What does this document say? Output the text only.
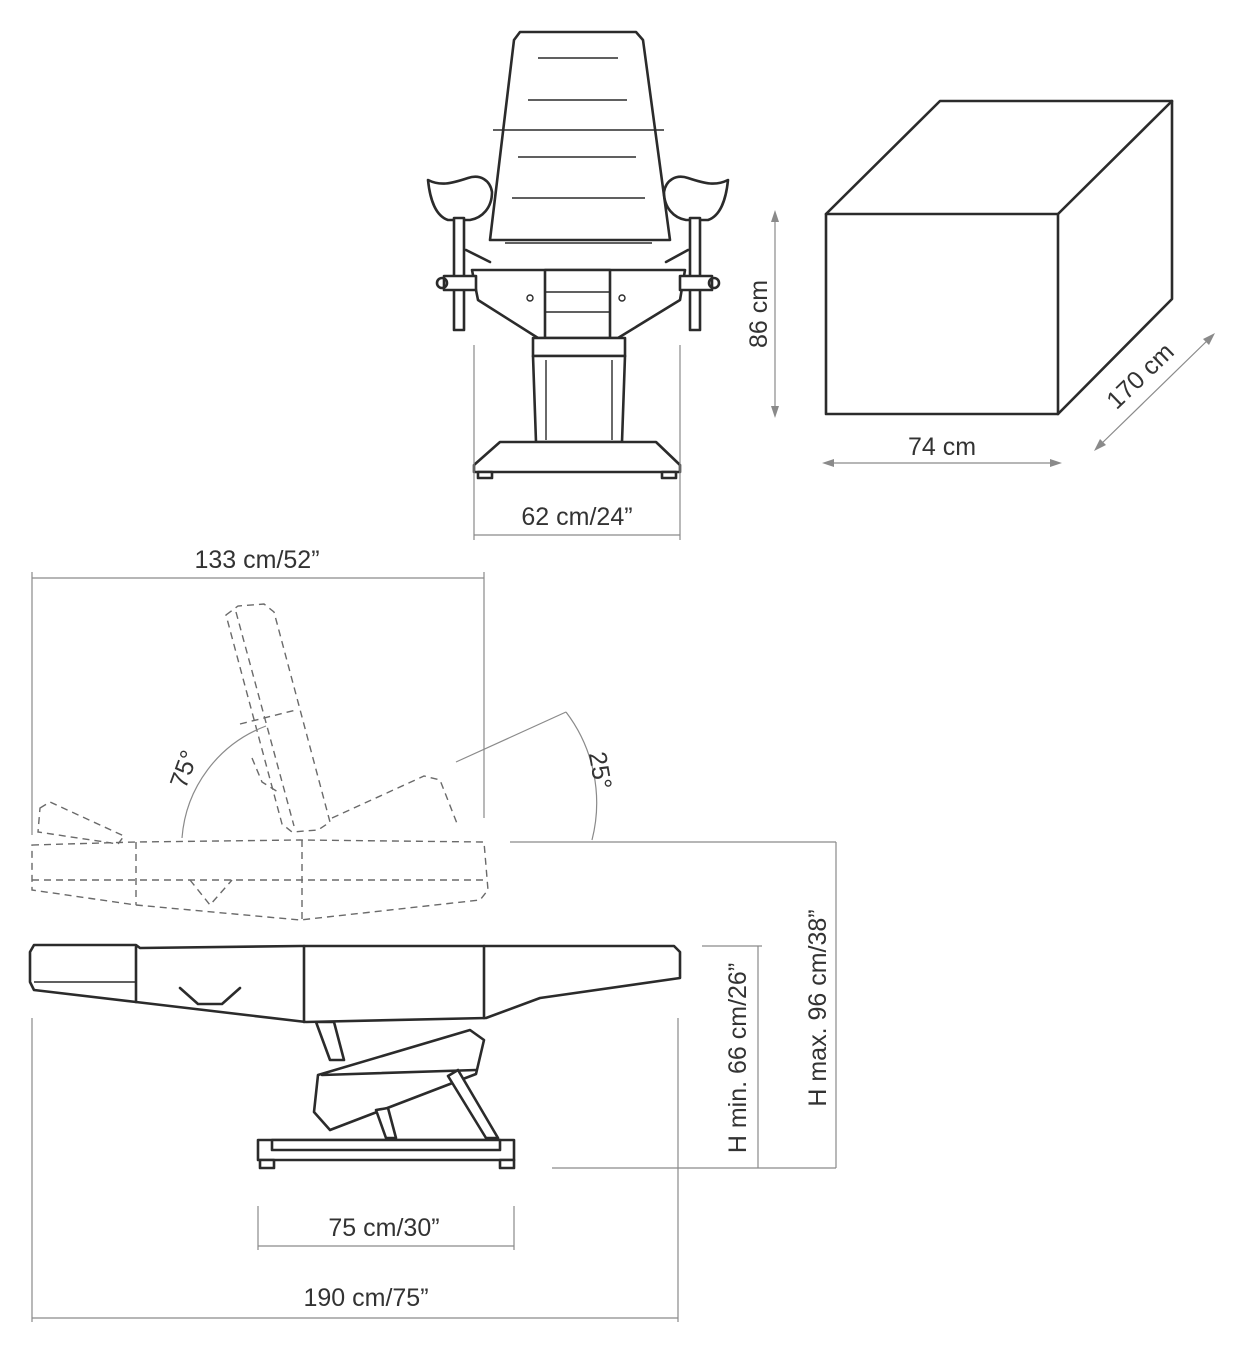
62 cm/24”
86 cm
74 cm
170 cm
133 cm/52”
75°	25°
H min. 66 cm/26” H max. 96 cm/38”
75 cm/30”
190 cm/75”
